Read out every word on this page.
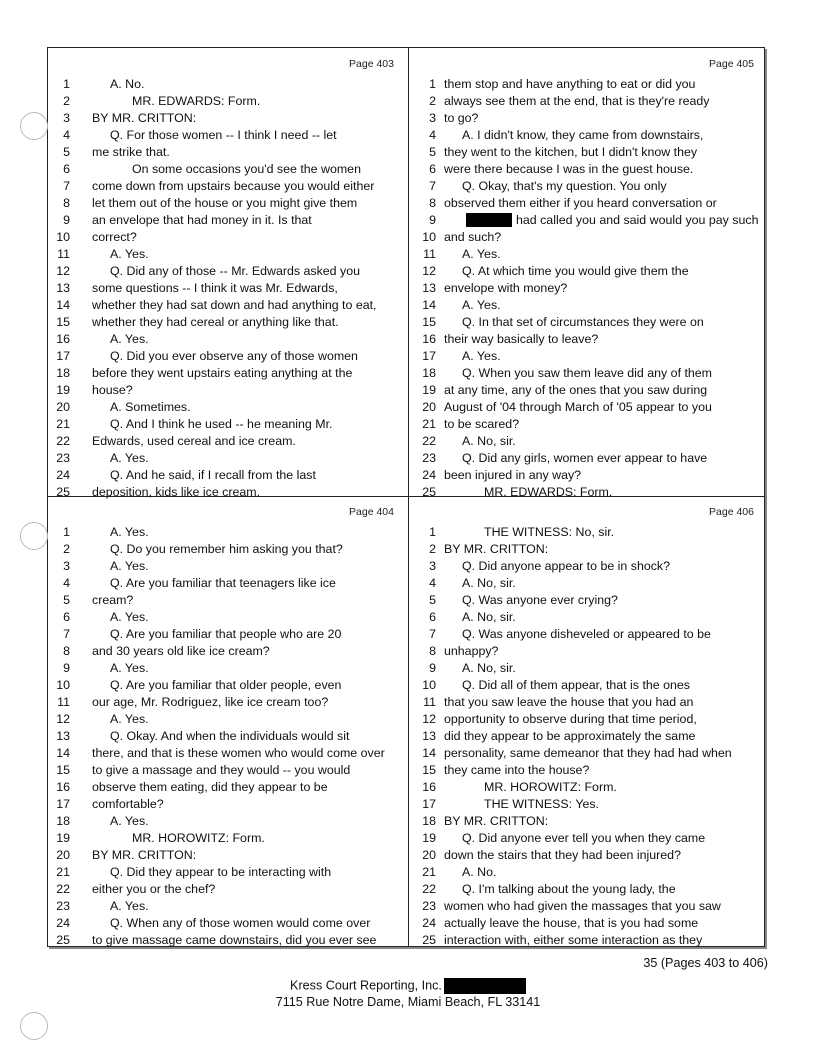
Page 403
1	A. No.
2	MR. EDWARDS: Form.
3 BY MR. CRITTON:
4	Q. For those women -- I think I need -- let
5 me strike that.
6	On some occasions you'd see the women
7 come down from upstairs because you would either
8 let them out of the house or you might give them
9 an envelope that had money in it. Is that
10 correct?
11	A. Yes.
12	Q. Did any of those -- Mr. Edwards asked you
13 some questions -- I think it was Mr. Edwards,
14 whether they had sat down and had anything to eat,
15 whether they had cereal or anything like that.
16	A. Yes.
17	Q. Did you ever observe any of those women
18 before they went upstairs eating anything at the
19 house?
20	A. Sometimes.
21	Q. And I think he used -- he meaning Mr.
22 Edwards, used cereal and ice cream.
23	A. Yes.
24	Q. And he said, if I recall from the last
25 deposition, kids like ice cream.
Page 405
1 them stop and have anything to eat or did you
2 always see them at the end, that is they're ready
3 to go?
4 A. I didn't know, they came from downstairs,
5 they went to the kitchen, but I didn't know they
6 were there because I was in the guest house.
7 Q. Okay, that's my question. You only
8 observed them either if you heard conversation or
9	had called you and said would you pay such
10 and such?
11 A. Yes.
12 Q. At which time you would give them the
13 envelope with money?
14 A. Yes.
15 Q. In that set of circumstances they were on
16 their way basically to leave?
17 A. Yes.
18 Q. When you saw them leave did any of them
19 at any time, any of the ones that you saw during
20 August of '04 through March of '05 appear to you
21 to be scared?
22 A. No, sir.
23 Q. Did any girls, women ever appear to have
24 been injured in any way?
25	MR. EDWARDS: Form.
Page 404
1	A. Yes.
2	Q. Do you remember him asking you that?
3	A. Yes.
4	Q. Are you familiar that teenagers like ice
5 cream?
6	A. Yes.
7	Q. Are you familiar that people who are 20
8 and 30 years old like ice cream?
9	A. Yes.
10	Q. Are you familiar that older people, even
11 our age, Mr. Rodriguez, like ice cream too?
12	A. Yes.
13	Q. Okay. And when the individuals would sit
14 there, and that is these women who would come over
15 to give a massage and they would -- you would
16 observe them eating, did they appear to be
17 comfortable?
18	A. Yes.
19	MR. HOROWITZ: Form.
20 BY MR. CRITTON:
21	Q. Did they appear to be interacting with
22 either you or the chef?
23	A. Yes.
24	Q. When any of those women would come over
25 to give massage came downstairs, did you ever see
Page 406
1	THE WITNESS: No, sir.
2 BY MR. CRITTON:
3 Q. Did anyone appear to be in shock?
4 A. No, sir.
5 Q. Was anyone ever crying?
6 A. No, sir.
7 Q. Was anyone disheveled or appeared to be
8 unhappy?
9 A. No, sir.
10 Q. Did all of them appear, that is the ones
11 that you saw leave the house that you had an
12 opportunity to observe during that time period,
13 did they appear to be approximately the same
14 personality, same demeanor that they had had when
15 they came into the house?
16	MR. HOROWITZ: Form.
17	THE WITNESS: Yes.
18 BY MR. CRITTON:
19 Q. Did anyone ever tell you when they came
20 down the stairs that they had been injured?
21 A. No.
22 Q. I'm talking about the young lady, the
23 women who had given the massages that you saw
24 actually leave the house, that is you had some
25 interaction with, either some interaction as they
35 (Pages 403 to 406)
Kress Court Reporting, Inc.
7115 Rue Notre Dame, Miami Beach, FL 33141
